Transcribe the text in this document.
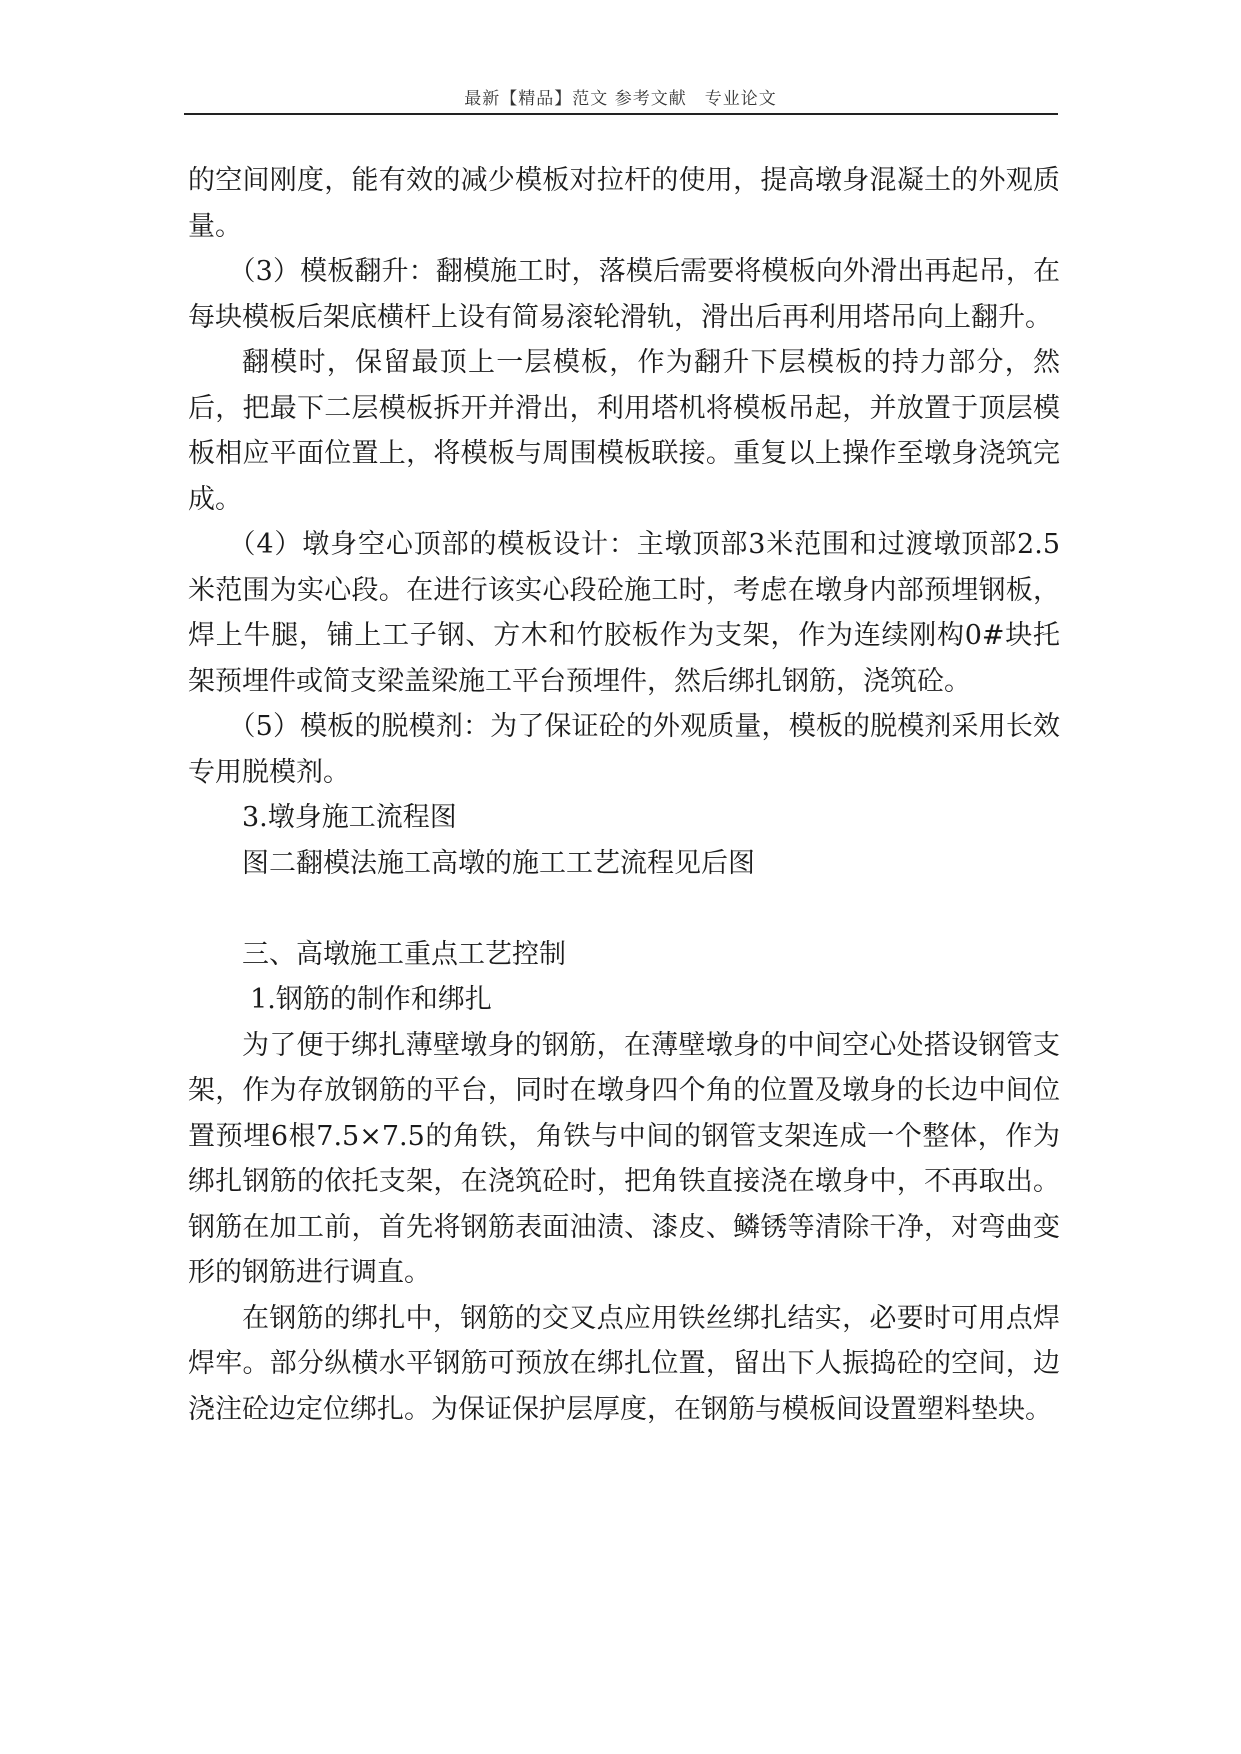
最新【精品】范文 参考文献　专业论文

的空间刚度，能有效的减少模板对拉杆的使用，提高墩身混凝土的外观质量。

（3）模板翻升：翻模施工时，落模后需要将模板向外滑出再起吊，在每块模板后架底横杆上设有简易滚轮滑轨，滑出后再利用塔吊向上翻升。

翻模时，保留最顶上一层模板，作为翻升下层模板的持力部分，然后，把最下二层模板拆开并滑出，利用塔机将模板吊起，并放置于顶层模板相应平面位置上，将模板与周围模板联接。重复以上操作至墩身浇筑完成。

（4）墩身空心顶部的模板设计：主墩顶部3米范围和过渡墩顶部2.5米范围为实心段。在进行该实心段砼施工时，考虑在墩身内部预埋钢板，焊上牛腿，铺上工子钢、方木和竹胶板作为支架，作为连续刚构0#块托架预埋件或简支梁盖梁施工平台预埋件，然后绑扎钢筋，浇筑砼。

（5）模板的脱模剂：为了保证砼的外观质量，模板的脱模剂采用长效专用脱模剂。

3.墩身施工流程图

图二翻模法施工高墩的施工工艺流程见后图

三、高墩施工重点工艺控制

1.钢筋的制作和绑扎

为了便于绑扎薄壁墩身的钢筋，在薄壁墩身的中间空心处搭设钢管支架，作为存放钢筋的平台，同时在墩身四个角的位置及墩身的长边中间位置预埋6根7.5×7.5的角铁，角铁与中间的钢管支架连成一个整体，作为绑扎钢筋的依托支架，在浇筑砼时，把角铁直接浇在墩身中，不再取出。钢筋在加工前，首先将钢筋表面油渍、漆皮、鳞锈等清除干净，对弯曲变形的钢筋进行调直。

在钢筋的绑扎中，钢筋的交叉点应用铁丝绑扎结实，必要时可用点焊焊牢。部分纵横水平钢筋可预放在绑扎位置，留出下人振捣砼的空间，边浇注砼边定位绑扎。为保证保护层厚度，在钢筋与模板间设置塑料垫块。
